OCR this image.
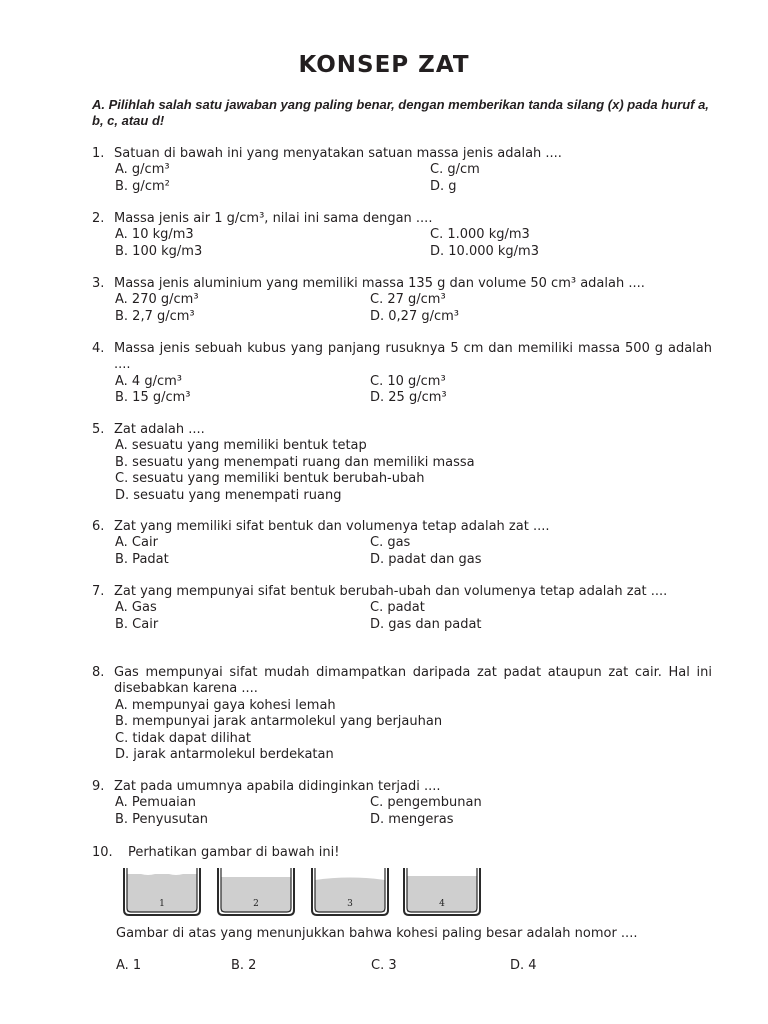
KONSEP ZAT
A. Pilihlah salah satu jawaban yang paling benar, dengan memberikan tanda silang (x) pada huruf a, b, c, atau d!
1. Satuan di bawah ini yang menyatakan satuan massa jenis adalah ....
A. g/cm³	C. g/cm
B. g/cm²	D. g
2. Massa jenis air 1 g/cm³, nilai ini sama dengan ....
A. 10 kg/m3	C. 1.000 kg/m3
B. 100 kg/m3	D. 10.000 kg/m3
3. Massa jenis aluminium yang memiliki massa 135 g dan volume 50 cm³ adalah ....
A. 270 g/cm³	C. 27 g/cm³
B. 2,7 g/cm³	D. 0,27 g/cm³
4. Massa jenis sebuah kubus yang panjang rusuknya 5 cm dan memiliki massa 500 g adalah ....
A. 4 g/cm³	C. 10 g/cm³
B. 15 g/cm³	D. 25 g/cm³
5. Zat adalah ....
A. sesuatu yang memiliki bentuk tetap
B. sesuatu yang menempati ruang dan memiliki massa
C. sesuatu yang memiliki bentuk berubah-ubah
D. sesuatu yang menempati ruang
6. Zat yang memiliki sifat bentuk dan volumenya tetap adalah zat ....
A. Cair	C. gas
B. Padat	D. padat dan gas
7. Zat yang mempunyai sifat bentuk berubah-ubah dan volumenya tetap adalah zat ....
A. Gas	C. padat
B. Cair	D. gas dan padat
8. Gas mempunyai sifat mudah dimampatkan daripada zat padat ataupun zat cair. Hal ini disebabkan karena ....
A. mempunyai gaya kohesi lemah
B. mempunyai jarak antarmolekul yang berjauhan
C. tidak dapat dilihat
D. jarak antarmolekul berdekatan
9. Zat pada umumnya apabila didinginkan terjadi ....
A. Pemuaian	C. pengembunan
B. Penyusutan	D. mengeras
10.	Perhatikan gambar di bawah ini!
1	2	3	4
Gambar di atas yang menunjukkan bahwa kohesi paling besar adalah nomor ....
A. 1	B. 2	C. 3	D. 4
